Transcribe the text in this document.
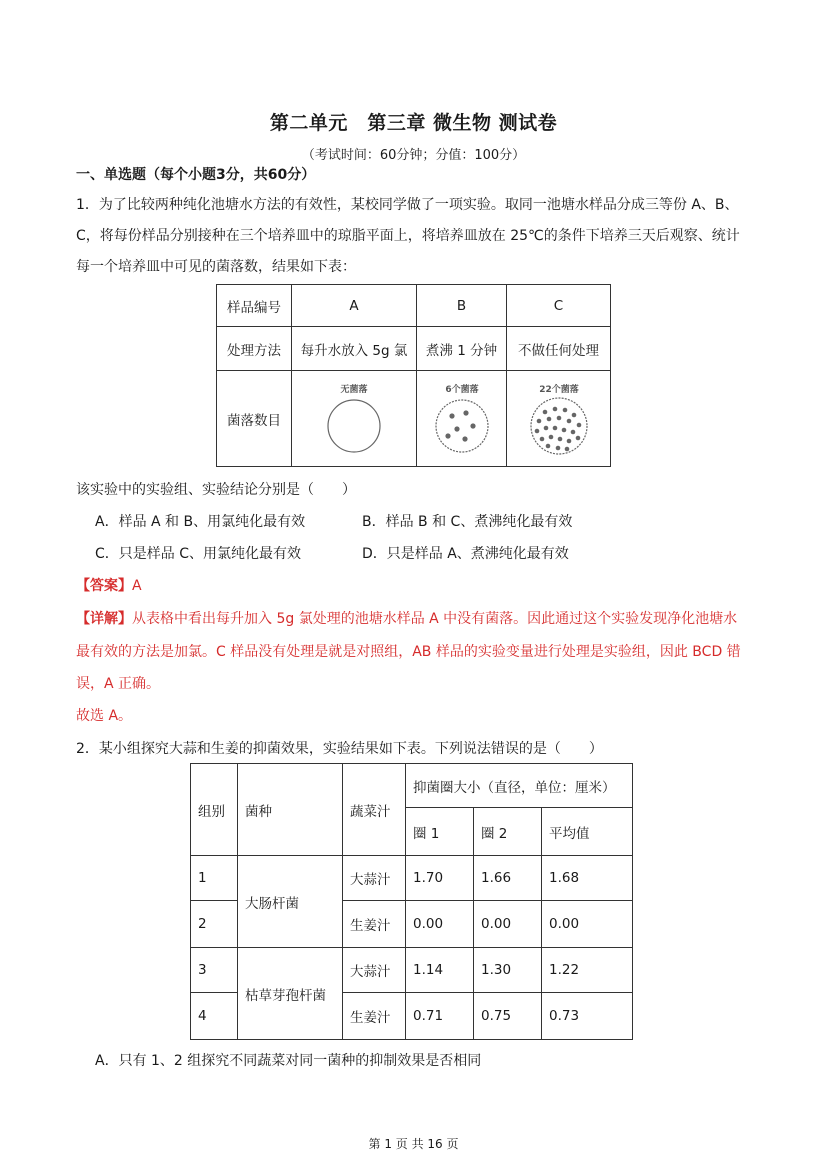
第二单元　第三章 微生物 测试卷
（考试时间：60分钟；分值：100分）
一、单选题（每个小题3分，共60分）
1．为了比较两种纯化池塘水方法的有效性，某校同学做了一项实验。取同一池塘水样品分成三等份 A、B、
C，将每份样品分别接种在三个培养皿中的琼脂平面上，将培养皿放在 25℃的条件下培养三天后观察、统计
每一个培养皿中可见的菌落数，结果如下表：
样品编号	A	B	C
处理方法	每升水放入 5g 氯	煮沸 1 分钟	不做任何处理
菌落数目	无菌落	6个菌落	22个菌落
该实验中的实验组、实验结论分别是（　　）
A．样品 A 和 B、用氯纯化最有效	B．样品 B 和 C、煮沸纯化最有效
C．只是样品 C、用氯纯化最有效	D．只是样品 A、煮沸纯化最有效
【答案】A
【详解】从表格中看出每升加入 5g 氯处理的池塘水样品 A 中没有菌落。因此通过这个实验发现净化池塘水
最有效的方法是加氯。C 样品没有处理是就是对照组，AB 样品的实验变量进行处理是实验组，因此 BCD 错
误，A 正确。
故选 A。
2．某小组探究大蒜和生姜的抑菌效果，实验结果如下表。下列说法错误的是（　　）
组别	菌种	蔬菜汁	抑菌圈大小（直径，单位：厘米）		
			圈 1	圈 2	平均值
1	大肠杆菌	大蒜汁	1.70	1.66	1.68
2		生姜汁	0.00	0.00	0.00
3	枯草芽孢杆菌	大蒜汁	1.14	1.30	1.22
4		生姜汁	0.71	0.75	0.73
A．只有 1、2 组探究不同蔬菜对同一菌种的抑制效果是否相同
第 1 页 共 16 页
